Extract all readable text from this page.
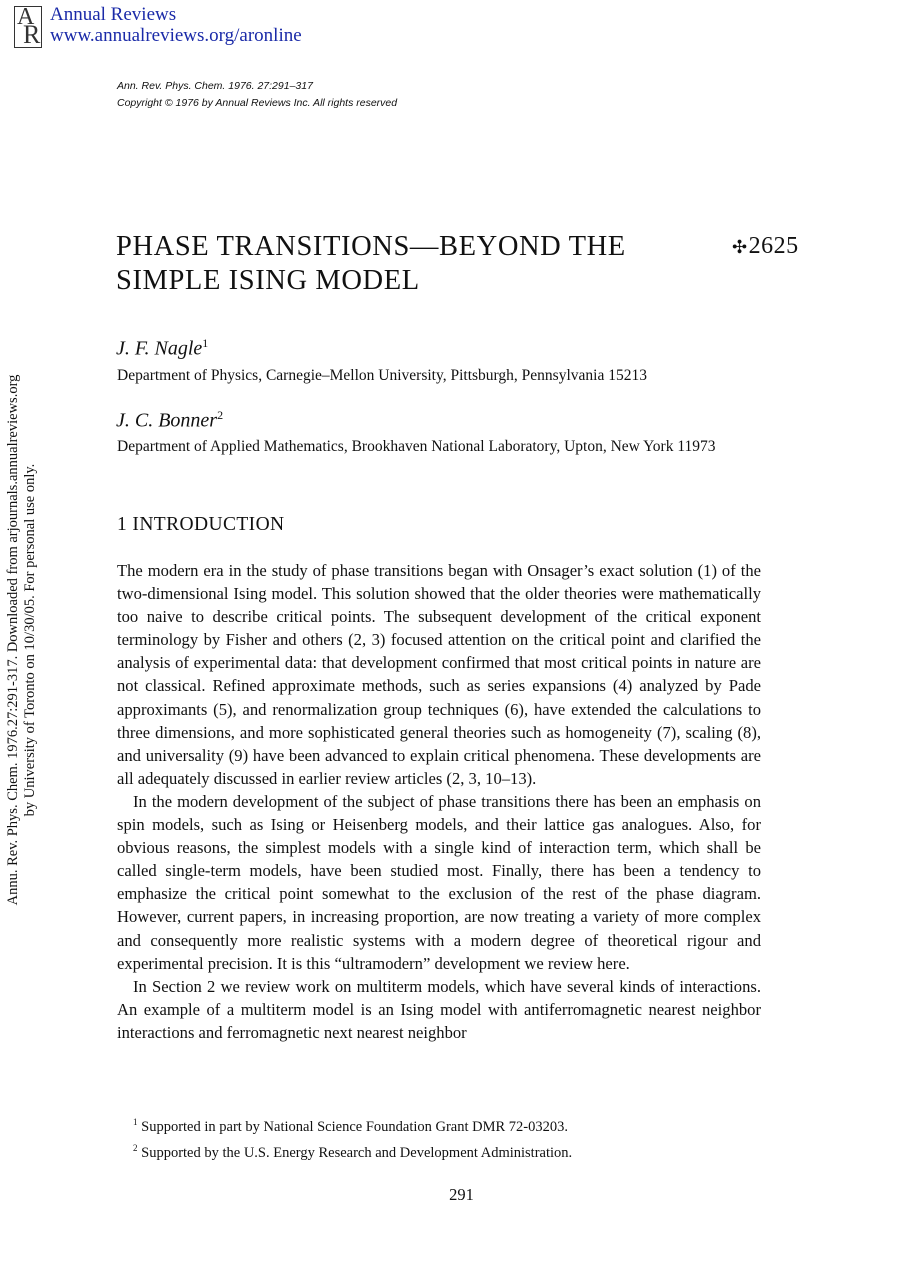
A
R
Annual Reviews
www.annualreviews.org/aronline
Ann. Rev. Phys. Chem. 1976. 27:291–317
Copyright © 1976 by Annual Reviews Inc. All rights reserved
PHASE TRANSITIONS—BEYOND THE
SIMPLE ISING MODEL
✣2625
J. F. Nagle$^1$
Department of Physics, Carnegie–Mellon University, Pittsburgh, Pennsylvania 15213
J. C. Bonner$^2$
Department of Applied Mathematics, Brookhaven National Laboratory, Upton, New York 11973
1 INTRODUCTION

The modern era in the study of phase transitions began with Onsager’s exact solution (1) of the two-dimensional Ising model. This solution showed that the older theories were mathematically too naive to describe critical points. The subsequent development of the critical exponent terminology by Fisher and others (2, 3) focused attention on the critical point and clarified the analysis of experimental data: that development confirmed that most critical points in nature are not classical. Refined approximate methods, such as series expansions (4) analyzed by Pade approximants (5), and renormalization group techniques (6), have extended the calculations to three dimensions, and more sophisticated general theories such as homogeneity (7), scaling (8), and universality (9) have been advanced to explain critical phenomena. These developments are all adequately discussed in earlier review articles (2, 3, 10–13).

In the modern development of the subject of phase transitions there has been an emphasis on spin models, such as Ising or Heisenberg models, and their lattice gas analogues. Also, for obvious reasons, the simplest models with a single kind of interaction term, which shall be called single-term models, have been studied most. Finally, there has been a tendency to emphasize the critical point somewhat to the exclusion of the rest of the phase diagram. However, current papers, in increasing proportion, are now treating a variety of more complex and consequently more realistic systems with a modern degree of theoretical rigour and experimental precision. It is this “ultramodern” development we review here.

In Section 2 we review work on multiterm models, which have several kinds of interactions. An example of a multiterm model is an Ising model with antiferromagnetic nearest neighbor interactions and ferromagnetic next nearest neighbor

$^1$ Supported in part by National Science Foundation Grant DMR 72-03203.
$^2$ Supported by the U.S. Energy Research and Development Administration.
291
Annu. Rev. Phys. Chem. 1976.27:291-317. Downloaded from arjournals.annualreviews.org by University of Toronto on 10/30/05. For personal use only.
